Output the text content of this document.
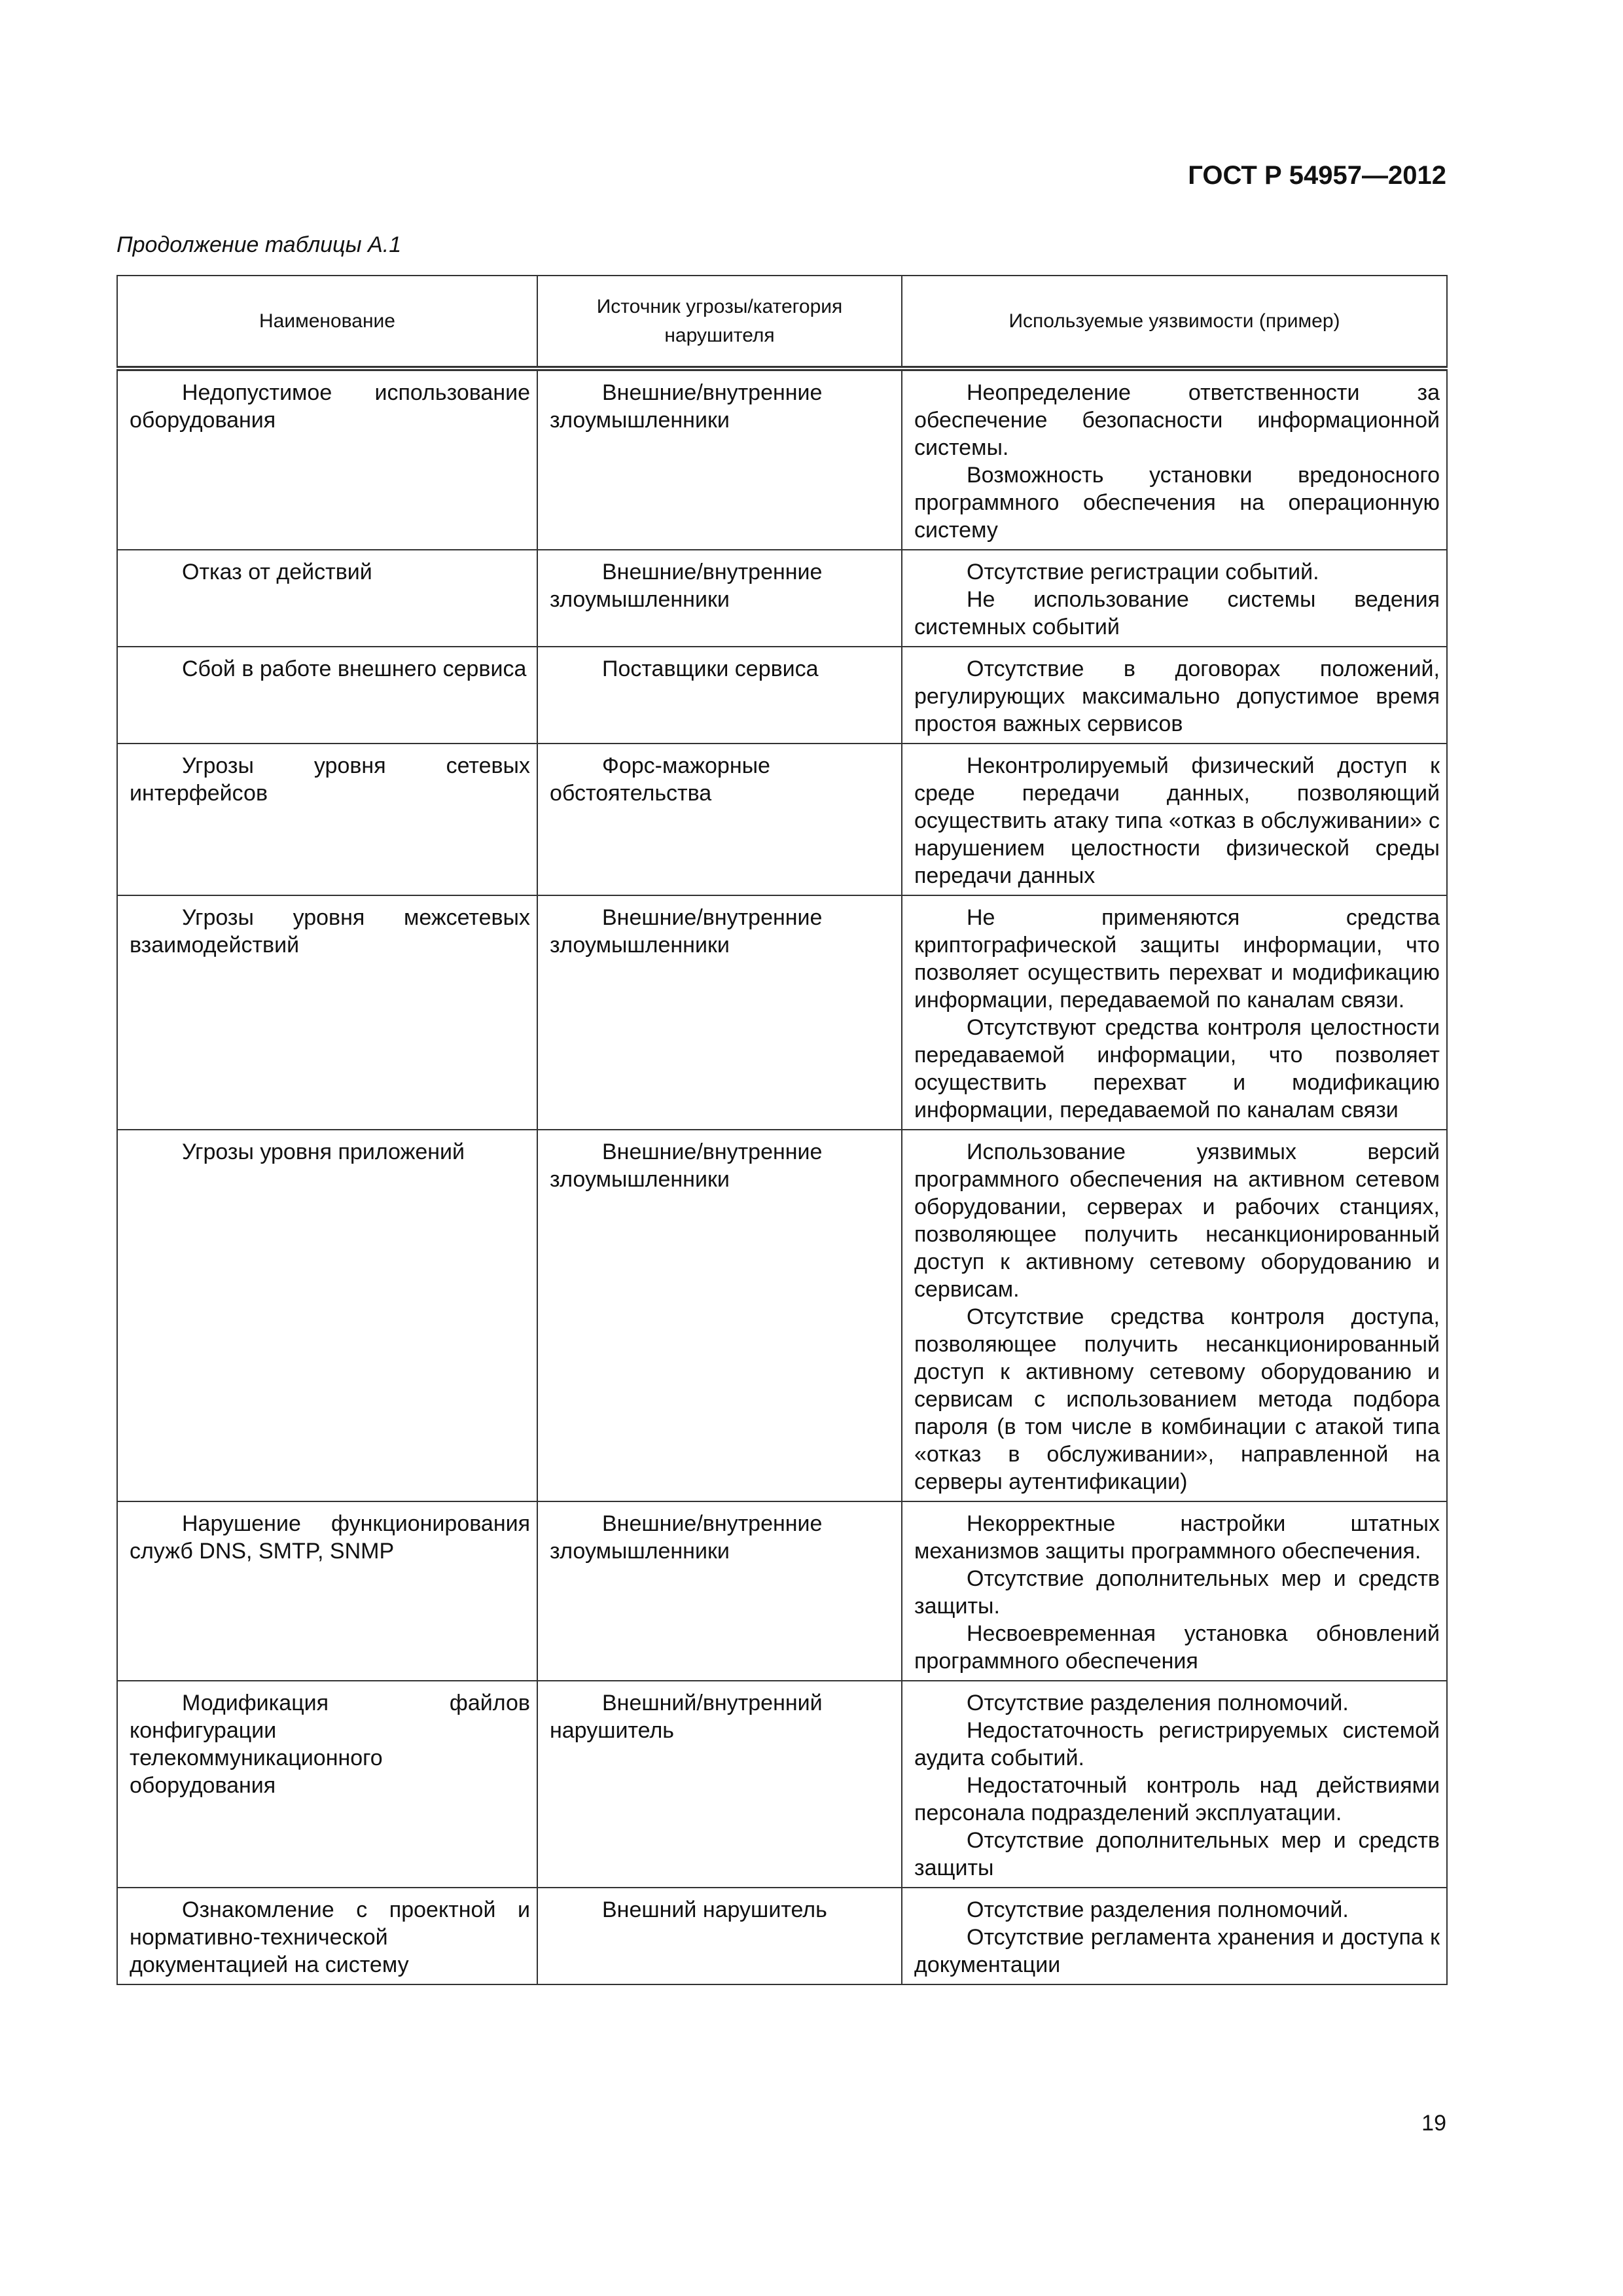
ГОСТ Р 54957—2012
Продолжение таблицы А.1
Наименование	Источник угрозы/категория нарушителя	Используемые уязвимости (пример)

Недопустимое использование оборудования	Внешние/внутренние злоумышленники	Неопределение ответственности за обеспечение безопасности информационной системы.

Возможность установки вредоносного программного обеспечения на операционную систему

Отказ от действий	Внешние/внутренние злоумышленники	Отсутствие регистрации событий.

Не использование системы ведения системных событий

Сбой в работе внешнего сервиса	Поставщики сервиса	Отсутствие в договорах положений, регулирующих максимально допустимое время простоя важных сервисов

Угрозы уровня сетевых интерфейсов	Форс-мажорные обстоятельства	Неконтролируемый физический доступ к среде передачи данных, позволяющий осуществить атаку типа «отказ в обслуживании» с нарушением целостности физической среды передачи данных

Угрозы уровня межсетевых взаимодействий	Внешние/внутренние злоумышленники	Не применяются средства криптографической защиты информации, что позволяет осуществить перехват и модификацию информации, передаваемой по каналам связи.

Отсутствуют средства контроля целостности передаваемой информации, что позволяет осуществить перехват и модификацию информации, передаваемой по каналам связи

Угрозы уровня приложений	Внешние/внутренние злоумышленники	Использование уязвимых версий программного обеспечения на активном сетевом оборудовании, серверах и рабочих станциях, позволяющее получить несанкционированный доступ к активному сетевому оборудованию и сервисам.

Отсутствие средства контроля доступа, позволяющее получить несанкционированный доступ к активному сетевому оборудованию и сервисам с использованием метода подбора пароля (в том числе в комбинации с атакой типа «отказ в обслуживании», направленной на серверы аутентификации)

Нарушение функционирования служб DNS, SMTP, SNMP	Внешние/внутренние злоумышленники	Некорректные настройки штатных механизмов защиты программного обеспечения.

Отсутствие дополнительных мер и средств защиты.

Несвоевременная установка обновлений программного обеспечения

Модификация файлов конфигурации телекоммуникационного оборудования	Внешний/внутренний нарушитель	Отсутствие разделения полномочий.

Недостаточность регистрируемых системой аудита событий.

Недостаточный контроль над действиями персонала подразделений эксплуатации.

Отсутствие дополнительных мер и средств защиты

Ознакомление с проектной и нормативно-технической документацией на систему	Внешний нарушитель	Отсутствие разделения полномочий.

Отсутствие регламента хранения и доступа к документации

19
